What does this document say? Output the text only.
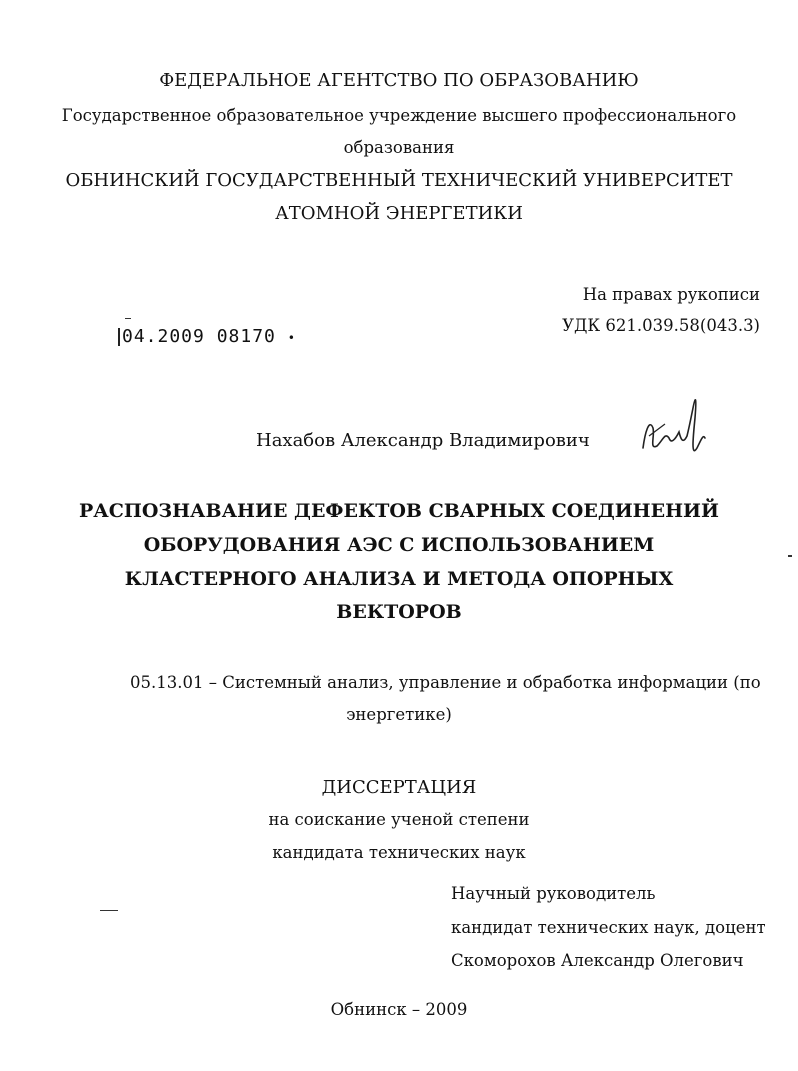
ФЕДЕРАЛЬНОЕ АГЕНТСТВО ПО ОБРАЗОВАНИЮ
Государственное образовательное учреждение высшего профессионального
образования
ОБНИНСКИЙ ГОСУДАРСТВЕННЫЙ ТЕХНИЧЕСКИЙ УНИВЕРСИТЕТ
АТОМНОЙ ЭНЕРГЕТИКИ
На правах рукописи
УДК 621.039.58(043.3)
04.2009 08170 •
Нахабов Александр Владимирович
РАСПОЗНАВАНИЕ ДЕФЕКТОВ СВАРНЫХ СОЕДИНЕНИЙ
ОБОРУДОВАНИЯ АЭС С ИСПОЛЬЗОВАНИЕМ
КЛАСТЕРНОГО АНАЛИЗА И МЕТОДА ОПОРНЫХ
ВЕКТОРОВ
05.13.01 – Системный анализ, управление и обработка информации (по
энергетике)
ДИССЕРТАЦИЯ
на соискание ученой степени
кандидата технических наук
Научный руководитель
кандидат технических наук, доцент
Скоморохов Александр Олегович
Обнинск – 2009
